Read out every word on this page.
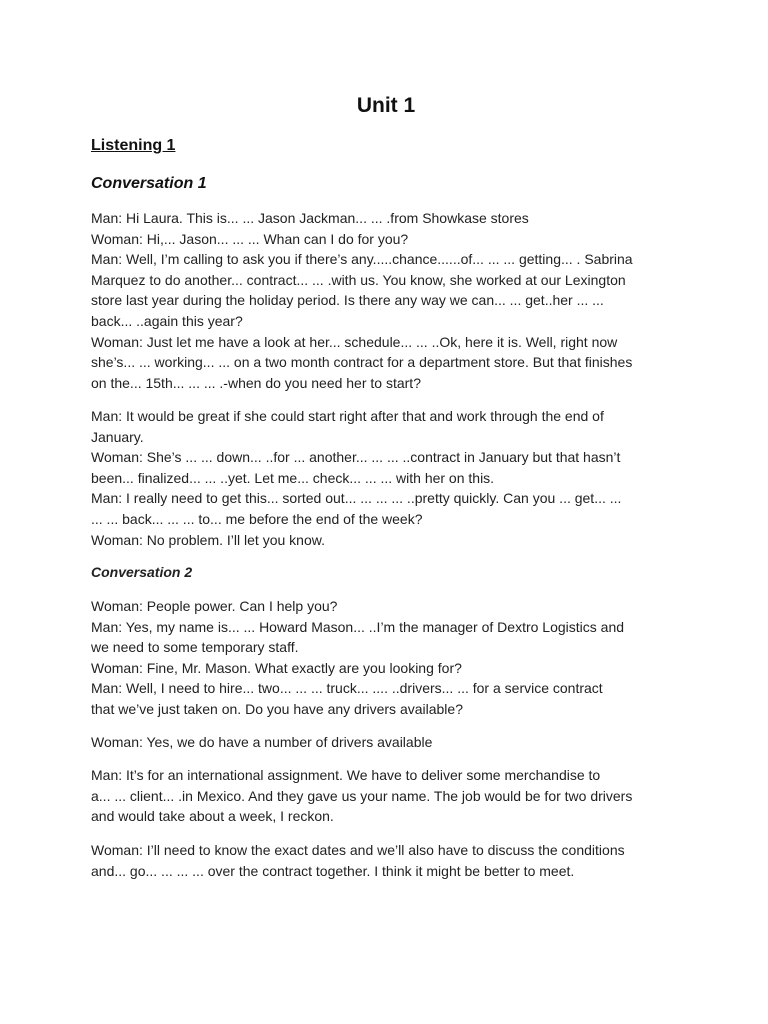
Unit 1
Listening 1
Conversation 1
Man: Hi Laura. This is... ... Jason Jackman... ... .from Showkase stores
Woman: Hi,... Jason... ... ... Whan can I do for you?
Man: Well, I’m calling to ask you if there’s any.....chance......of... ... ... getting... . Sabrina
Marquez to do another... contract... ... .with us. You know, she worked at our Lexington
store last year during the holiday period. Is there any way we can... ... get..her ... ...
back... ..again this year?
Woman: Just let me have a look at her... schedule... ... ..Ok, here it is. Well, right now
she’s... ... working... ... on a two month contract for a department store. But that finishes
on the... 15th... ... ... .-when do you need her to start?
Man: It would be great if she could start right after that and work through the end of
January.
Woman: She’s ... ... down... ..for ... another... ... ... ..contract in January but that hasn’t
been... finalized... ... ..yet. Let me... check... ... ... with her on this.
Man: I really need to get this... sorted out... ... ... ... ..pretty quickly. Can you ... get... ...
... ... back... ... ... to... me before the end of the week?
Woman: No problem. I’ll let you know.
Conversation 2
Woman: People power. Can I help you?
Man: Yes, my name is... ... Howard Mason... ..I’m the manager of Dextro Logistics and
we need to some temporary staff.
Woman: Fine, Mr. Mason. What exactly are you looking for?
Man: Well, I need to hire... two... ... ... truck... .... ..drivers... ... for a service contract
that we’ve just taken on. Do you have any drivers available?
Woman: Yes, we do have a number of drivers available
Man: It’s for an international assignment. We have to deliver some merchandise to
a... ... client... .in Mexico. And they gave us your name. The job would be for two drivers
and would take about a week, I reckon.
Woman: I’ll need to know the exact dates and we’ll also have to discuss the conditions
and... go... ... ... ... over the contract together. I think it might be better to meet.
